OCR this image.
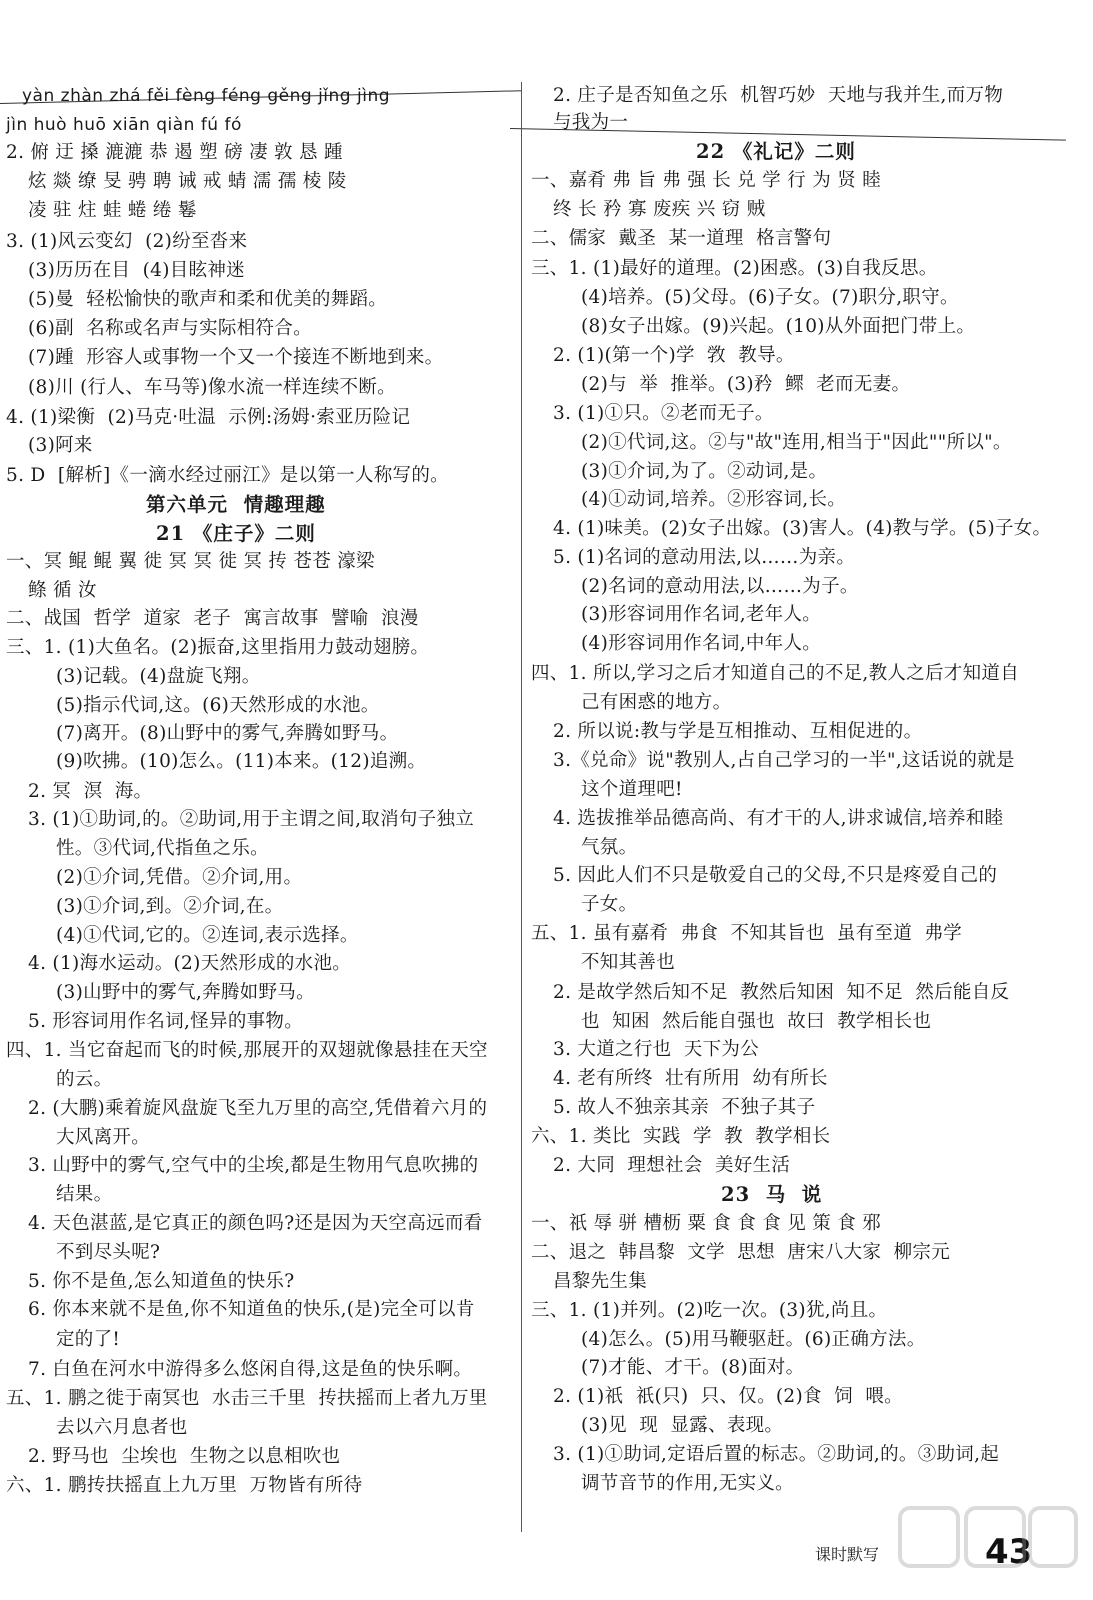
yàn zhàn zhá fěi fèng féng gěng jǐng jìng
jìn huò huō xiān qiàn fú fó
2. 俯 迂 搡 漉漉 恭 遏 塑 磅 凄 敦 恳 踵
炫 燚 缭 旻 骋 聘 诫 戒 蜻 濡 孺 棱 陵
凌 驻 炷 蛙 蜷 绻 鬈
3. (1)风云变幻  (2)纷至沓来
(3)历历在目  (4)目眩神迷
(5)曼  轻松愉快的歌声和柔和优美的舞蹈。
(6)副  名称或名声与实际相符合。
(7)踵  形容人或事物一个又一个接连不断地到来。
(8)川 (行人、车马等)像水流一样连续不断。
4. (1)梁衡  (2)马克·吐温  示例:汤姆·索亚历险记
(3)阿来
5. D  [解析]《一滴水经过丽江》是以第一人称写的。
第六单元  情趣理趣
21 《庄子》二则
一、冥 鲲 鲲 翼 徙 冥 冥 徙 冥 抟 苍苍 濠梁
鲦 循 汝
二、战国  哲学  道家  老子  寓言故事  譬喻  浪漫
三、1. (1)大鱼名。(2)振奋,这里指用力鼓动翅膀。
(3)记载。(4)盘旋飞翔。
(5)指示代词,这。(6)天然形成的水池。
(7)离开。(8)山野中的雾气,奔腾如野马。
(9)吹拂。(10)怎么。(11)本来。(12)追溯。
2. 冥  溟  海。
3. (1)①助词,的。②助词,用于主谓之间,取消句子独立
性。③代词,代指鱼之乐。
(2)①介词,凭借。②介词,用。
(3)①介词,到。②介词,在。
(4)①代词,它的。②连词,表示选择。
4. (1)海水运动。(2)天然形成的水池。
(3)山野中的雾气,奔腾如野马。
5. 形容词用作名词,怪异的事物。
四、1. 当它奋起而飞的时候,那展开的双翅就像悬挂在天空
的云。
2. (大鹏)乘着旋风盘旋飞至九万里的高空,凭借着六月的
大风离开。
3. 山野中的雾气,空气中的尘埃,都是生物用气息吹拂的
结果。
4. 天色湛蓝,是它真正的颜色吗?还是因为天空高远而看
不到尽头呢?
5. 你不是鱼,怎么知道鱼的快乐?
6. 你本来就不是鱼,你不知道鱼的快乐,(是)完全可以肯
定的了!
7. 白鱼在河水中游得多么悠闲自得,这是鱼的快乐啊。
五、1. 鹏之徙于南冥也  水击三千里  抟扶摇而上者九万里
去以六月息者也
2. 野马也  尘埃也  生物之以息相吹也
六、1. 鹏抟扶摇直上九万里  万物皆有所待
2. 庄子是否知鱼之乐  机智巧妙  天地与我并生,而万物
与我为一
22 《礼记》二则
一、嘉肴 弗 旨 弗 强 长 兑 学 行 为 贤 睦
终 长 矜 寡 废疾 兴 窃 贼
二、儒家  戴圣  某一道理  格言警句
三、1. (1)最好的道理。(2)困惑。(3)自我反思。
(4)培养。(5)父母。(6)子女。(7)职分,职守。
(8)女子出嫁。(9)兴起。(10)从外面把门带上。
2. (1)(第一个)学  敩  教导。
(2)与  举  推举。(3)矜  鳏  老而无妻。
3. (1)①只。②老而无子。
(2)①代词,这。②与"故"连用,相当于"因此""所以"。
(3)①介词,为了。②动词,是。
(4)①动词,培养。②形容词,长。
4. (1)味美。(2)女子出嫁。(3)害人。(4)教与学。(5)子女。
5. (1)名词的意动用法,以……为亲。
(2)名词的意动用法,以……为子。
(3)形容词用作名词,老年人。
(4)形容词用作名词,中年人。
四、1. 所以,学习之后才知道自己的不足,教人之后才知道自
己有困惑的地方。
2. 所以说:教与学是互相推动、互相促进的。
3.《兑命》说"教别人,占自己学习的一半",这话说的就是
这个道理吧!
4. 选拔推举品德高尚、有才干的人,讲求诚信,培养和睦
气氛。
5. 因此人们不只是敬爱自己的父母,不只是疼爱自己的
子女。
五、1. 虽有嘉肴  弗食  不知其旨也  虽有至道  弗学
不知其善也
2. 是故学然后知不足  教然后知困  知不足  然后能自反
也  知困  然后能自强也  故曰  教学相长也
3. 大道之行也  天下为公
4. 老有所终  壮有所用  幼有所长
5. 故人不独亲其亲  不独子其子
六、1. 类比  实践  学  教  教学相长
2. 大同  理想社会  美好生活
23  马  说
一、祇 辱 骈 槽枥 粟 食 食 食 见 策 食 邪
二、退之  韩昌黎  文学  思想  唐宋八大家  柳宗元
昌黎先生集
三、1. (1)并列。(2)吃一次。(3)犹,尚且。
(4)怎么。(5)用马鞭驱赶。(6)正确方法。
(7)才能、才干。(8)面对。
2. (1)祇  祇(只)  只、仅。(2)食  饲  喂。
(3)见  现  显露、表现。
3. (1)①助词,定语后置的标志。②助词,的。③助词,起
调节音节的作用,无实义。
课时默写	43
